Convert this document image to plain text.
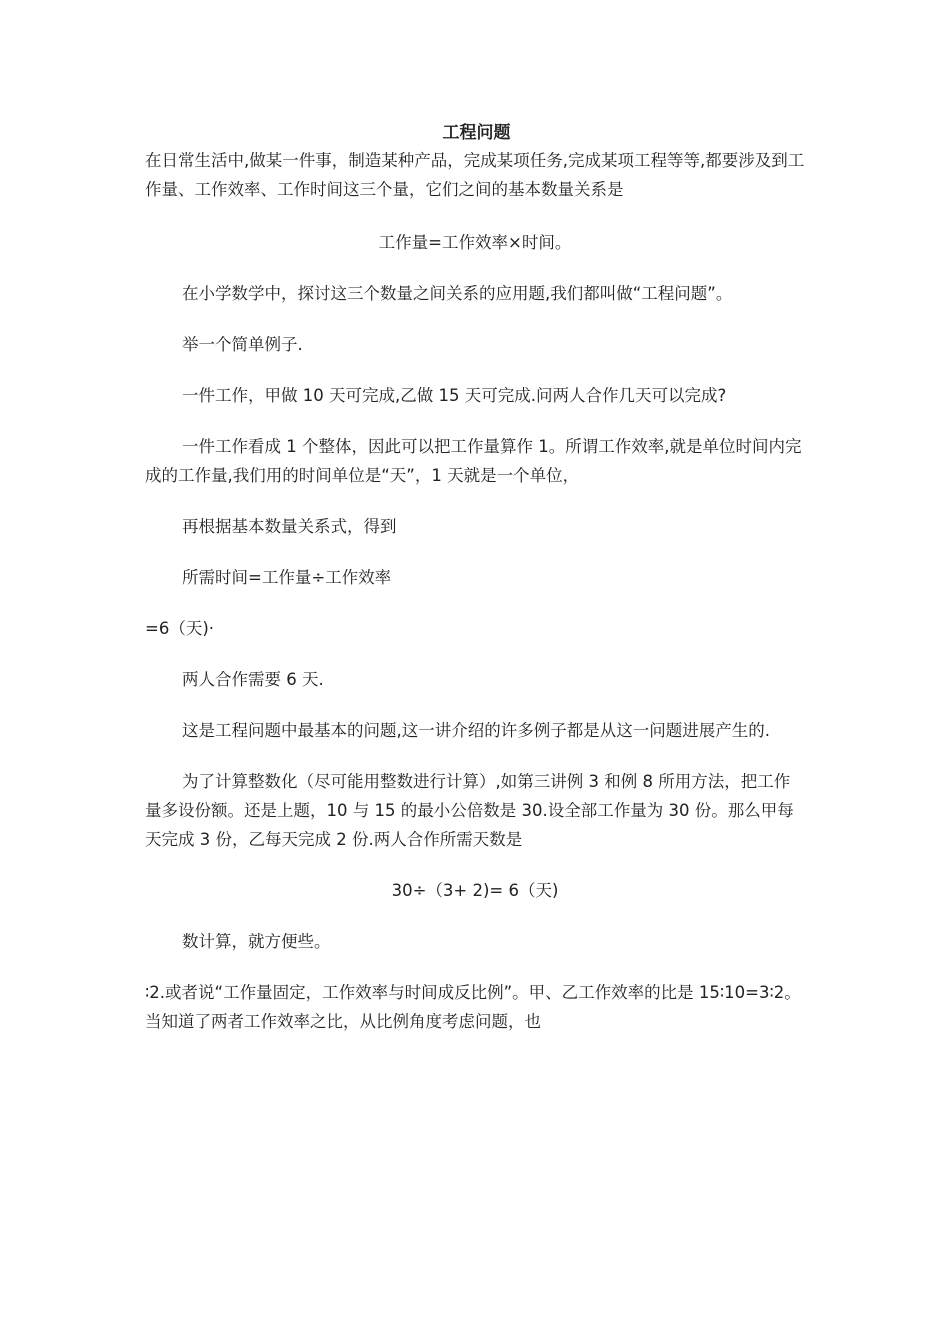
工程问题

在日常生活中,做某一件事，制造某种产品，完成某项任务,完成某项工程等等,都要涉及到工作量、工作效率、工作时间这三个量，它们之间的基本数量关系是

工作量=工作效率×时间。

在小学数学中，探讨这三个数量之间关系的应用题,我们都叫做“工程问题”。

举一个简单例子.

一件工作，甲做 10 天可完成,乙做 15 天可完成.问两人合作几天可以完成?

一件工作看成 1 个整体，因此可以把工作量算作 1。所谓工作效率,就是单位时间内完成的工作量,我们用的时间单位是“天”，1 天就是一个单位，

再根据基本数量关系式，得到

所需时间=工作量÷工作效率

=6（天)·

两人合作需要 6 天.

这是工程问题中最基本的问题,这一讲介绍的许多例子都是从这一问题进展产生的.

为了计算整数化（尽可能用整数进行计算）,如第三讲例 3 和例 8 所用方法，把工作量多设份额。还是上题，10 与 15 的最小公倍数是 30.设全部工作量为 30 份。那么甲每天完成 3 份，乙每天完成 2 份.两人合作所需天数是

30÷（3+ 2)= 6（天)

数计算，就方便些。

∶2.或者说“工作量固定，工作效率与时间成反比例”。甲、乙工作效率的比是 15∶10=3∶2。当知道了两者工作效率之比，从比例角度考虑问题，也
